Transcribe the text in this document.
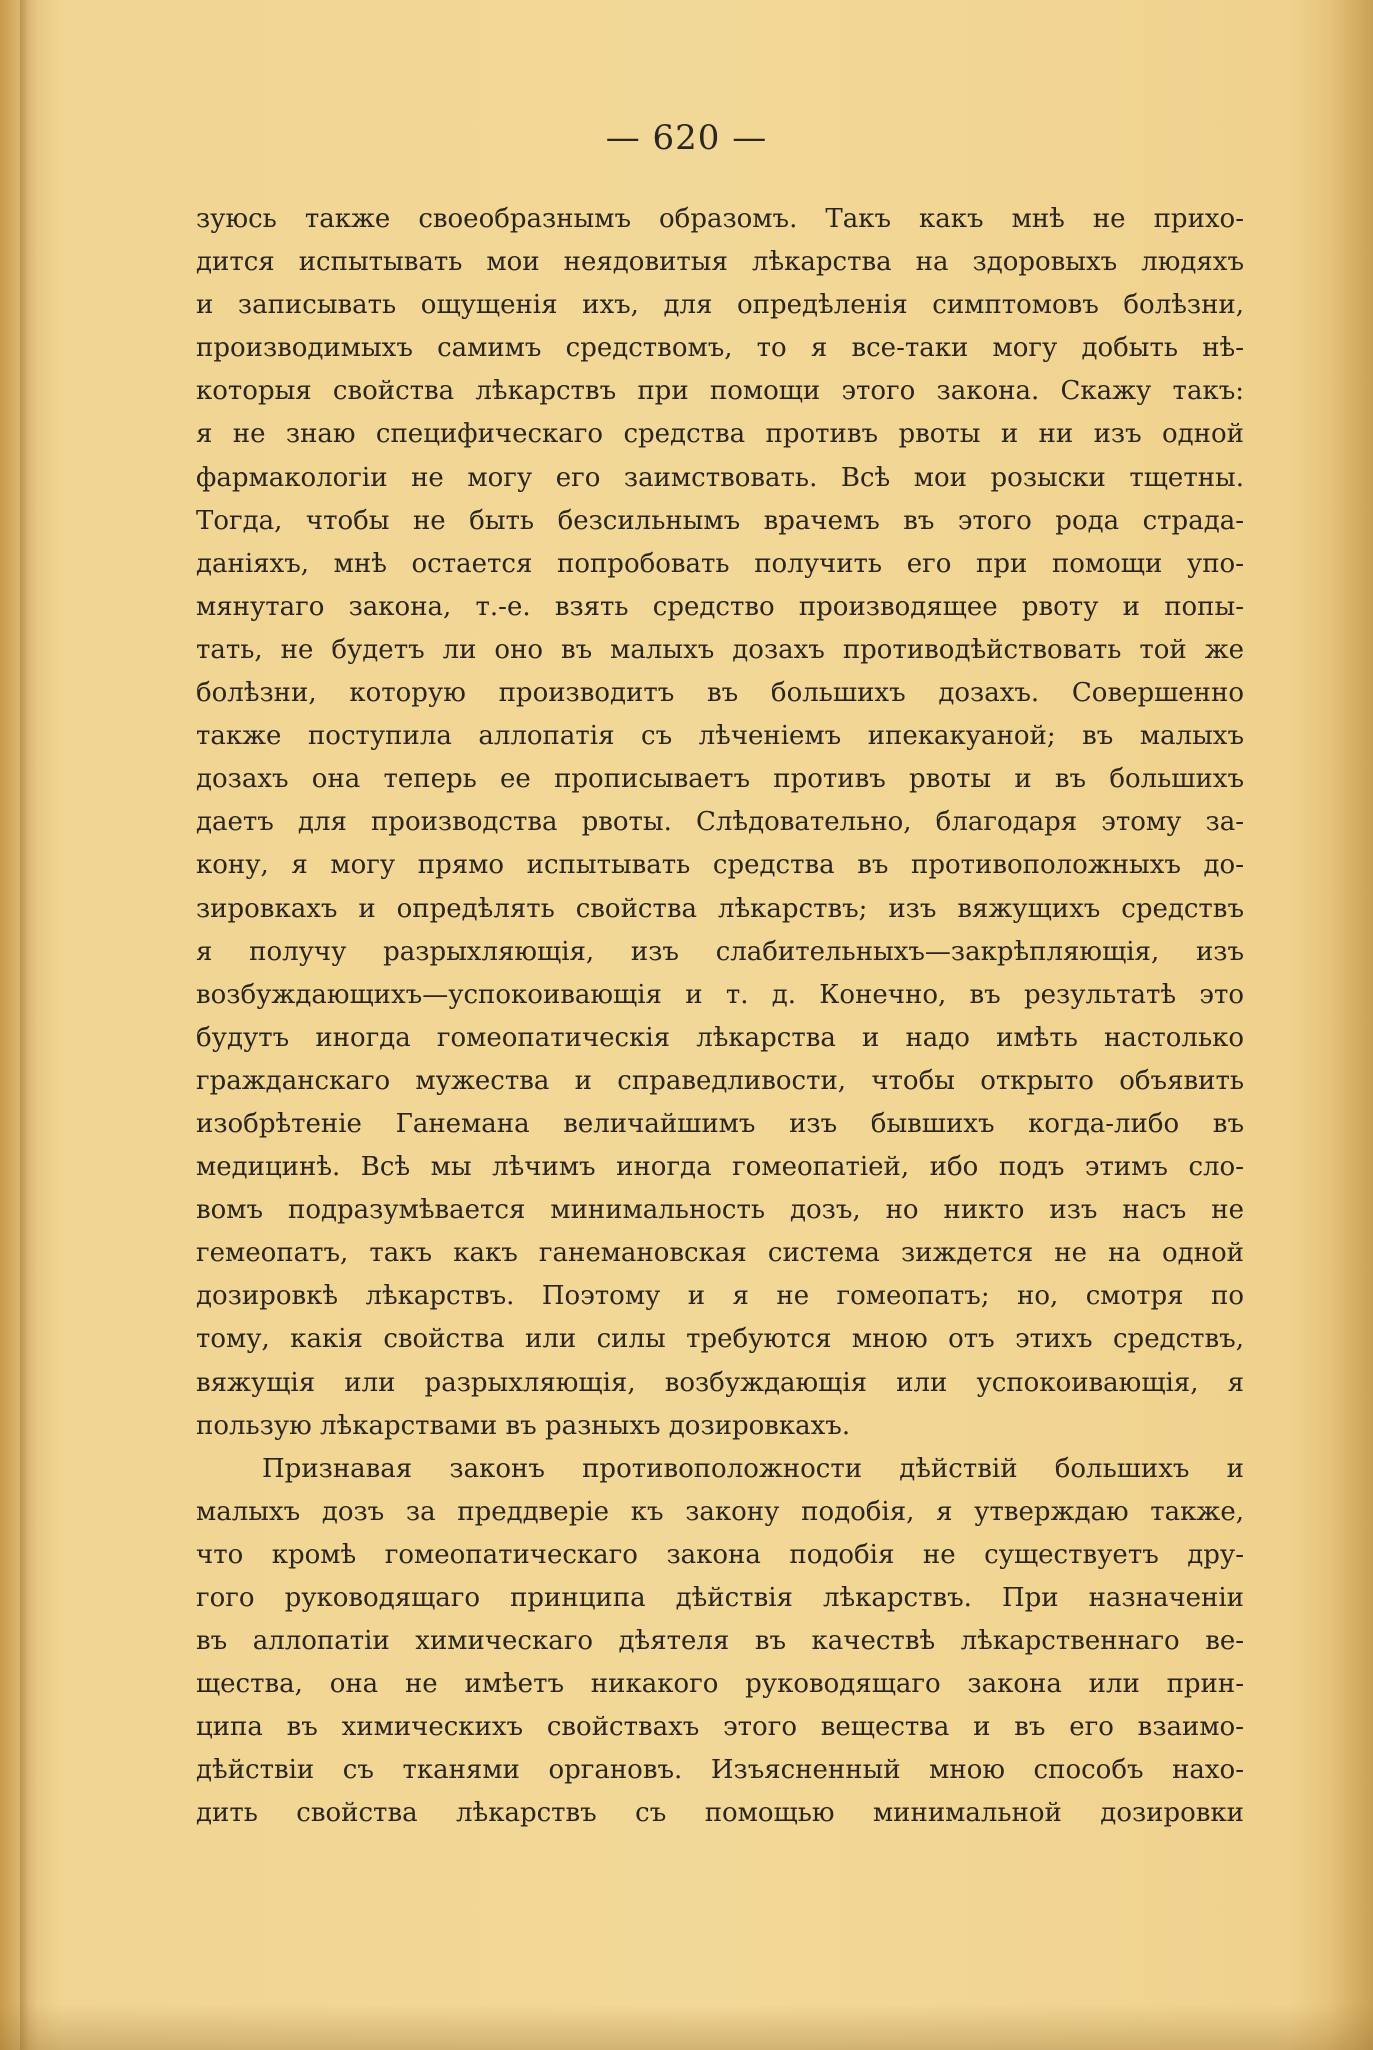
— 620 —
зуюсь также своеобразнымъ образомъ. Такъ какъ мнѣ не прихо-
дится испытывать мои неядовитыя лѣкарства на здоровыхъ людяхъ
и записывать ощущенія ихъ, для опредѣленія симптомовъ болѣзни,
производимыхъ самимъ средствомъ, то я все-таки могу добыть нѣ-
которыя свойства лѣкарствъ при помощи этого закона. Скажу такъ:
я не знаю специфическаго средства противъ рвоты и ни изъ одной
фармакологіи не могу его заимствовать. Всѣ мои розыски тщетны.
Тогда, чтобы не быть безсильнымъ врачемъ въ этого рода страда-
даніяхъ, мнѣ остается попробовать получить его при помощи упо-
мянутаго закона, т.-е. взять средство производящее рвоту и попы-
тать, не будетъ ли оно въ малыхъ дозахъ противодѣйствовать той же
болѣзни, которую производитъ въ большихъ дозахъ. Совершенно
также поступила аллопатія съ лѣченіемъ ипекакуаной; въ малыхъ
дозахъ она теперь ее прописываетъ противъ рвоты и въ большихъ
даетъ для производства рвоты. Слѣдовательно, благодаря этому за-
кону, я могу прямо испытывать средства въ противоположныхъ до-
зировкахъ и опредѣлять свойства лѣкарствъ; изъ вяжущихъ средствъ
я получу разрыхляющія, изъ слабительныхъ—закрѣпляющія, изъ
возбуждающихъ—успокоивающія и т. д. Конечно, въ результатѣ это
будутъ иногда гомеопатическія лѣкарства и надо имѣть настолько
гражданскаго мужества и справедливости, чтобы открыто объявить
изобрѣтеніе Ганемана величайшимъ изъ бывшихъ когда-либо въ
медицинѣ. Всѣ мы лѣчимъ иногда гомеопатіей, ибо подъ этимъ сло-
вомъ подразумѣвается минимальность дозъ, но никто изъ насъ не
гемеопатъ, такъ какъ ганемановская система зиждется не на одной
дозировкѣ лѣкарствъ. Поэтому и я не гомеопатъ; но, смотря по
тому, какія свойства или силы требуются мною отъ этихъ средствъ,
вяжущія или разрыхляющія, возбуждающія или успокоивающія, я
пользую лѣкарствами въ разныхъ дозировкахъ.
Признавая законъ противоположности дѣйствій большихъ и
малыхъ дозъ за преддверіе къ закону подобія, я утверждаю также,
что кромѣ гомеопатическаго закона подобія не существуетъ дру-
гого руководящаго принципа дѣйствія лѣкарствъ. При назначеніи
въ аллопатіи химическаго дѣятеля въ качествѣ лѣкарственнаго ве-
щества, она не имѣетъ никакого руководящаго закона или прин-
ципа въ химическихъ свойствахъ этого вещества и въ его взаимо-
дѣйствіи съ тканями органовъ. Изъясненный мною способъ нахо-
дить свойства лѣкарствъ съ помощью минимальной дозировки
